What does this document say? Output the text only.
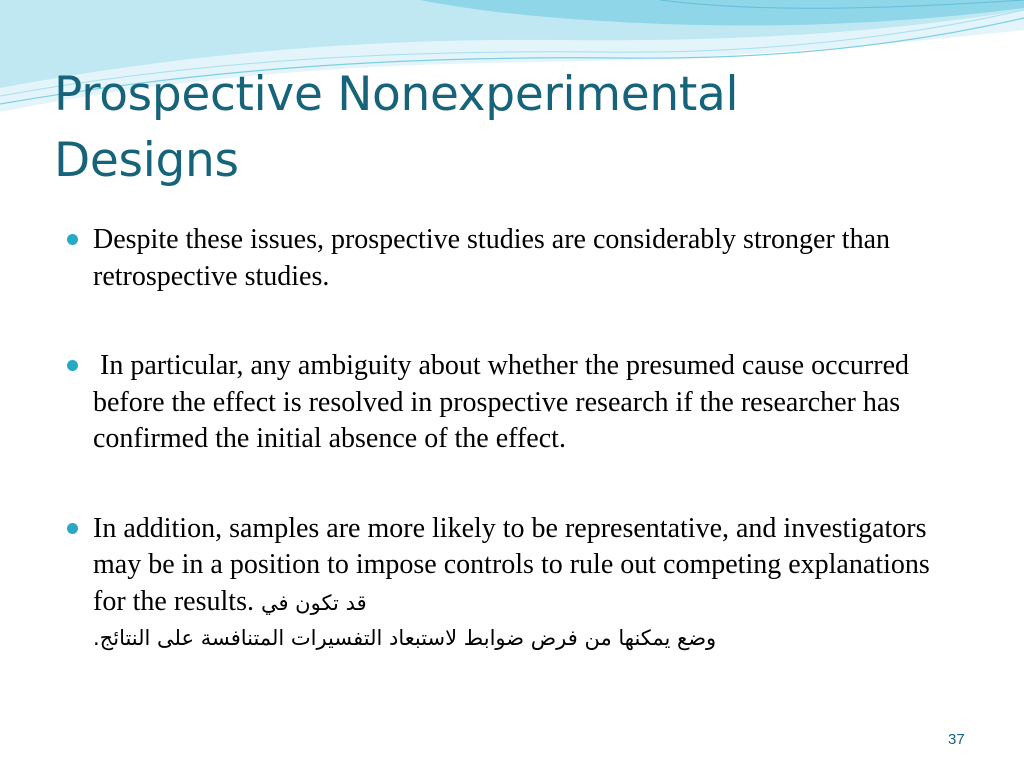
Prospective Nonexperimental
Designs
Despite these issues, prospective studies are considerably stronger than retrospective studies.
In particular, any ambiguity about whether the presumed cause occurred before the effect is resolved in prospective research if the researcher has confirmed the initial absence of the effect.
In addition, samples are more likely to be representative, and investigators may be in a position to impose controls to rule out competing explanations for the results. قد تكون في
وضع يمكنها من فرض ضوابط لاستبعاد التفسيرات المتنافسة على النتائج.
37
